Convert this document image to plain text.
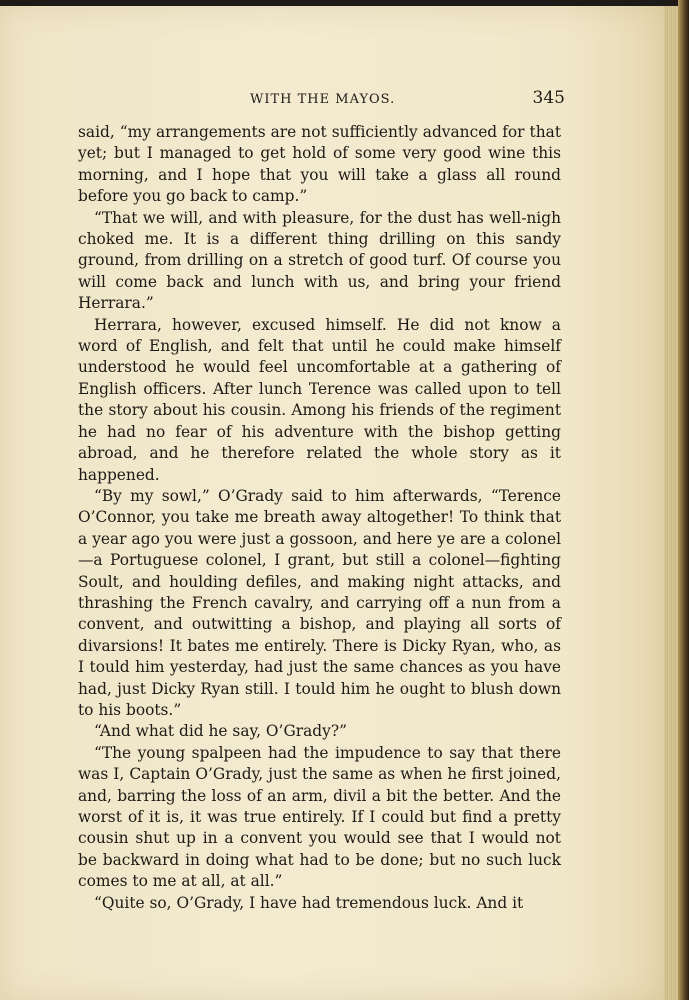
WITH THE MAYOS.	345

said, “my arrangements are not sufficiently advanced for that yet; but I managed to get hold of some very good wine this morning, and I hope that you will take a glass all round before you go back to camp.”

“That we will, and with pleasure, for the dust has well-nigh choked me. It is a different thing drilling on this sandy ground, from drilling on a stretch of good turf. Of course you will come back and lunch with us, and bring your friend Herrara.”

Herrara, however, excused himself. He did not know a word of English, and felt that until he could make himself understood he would feel uncomfortable at a gathering of English officers. After lunch Terence was called upon to tell the story about his cousin. Among his friends of the regiment he had no fear of his adventure with the bishop getting abroad, and he therefore related the whole story as it happened.

“By my sowl,” O’Grady said to him afterwards, “Terence O’Connor, you take me breath away altogether! To think that a year ago you were just a gossoon, and here ye are a colonel—a Portuguese colonel, I grant, but still a colonel—fighting Soult, and houlding defiles, and making night attacks, and thrashing the French cavalry, and carrying off a nun from a convent, and outwitting a bishop, and playing all sorts of divarsions! It bates me entirely. There is Dicky Ryan, who, as I tould him yesterday, had just the same chances as you have had, just Dicky Ryan still. I tould him he ought to blush down to his boots.”

“And what did he say, O’Grady?”

“The young spalpeen had the impudence to say that there was I, Captain O’Grady, just the same as when he first joined, and, barring the loss of an arm, divil a bit the better. And the worst of it is, it was true entirely. If I could but find a pretty cousin shut up in a convent you would see that I would not be backward in doing what had to be done; but no such luck comes to me at all, at all.”

“Quite so, O’Grady, I have had tremendous luck. And it
